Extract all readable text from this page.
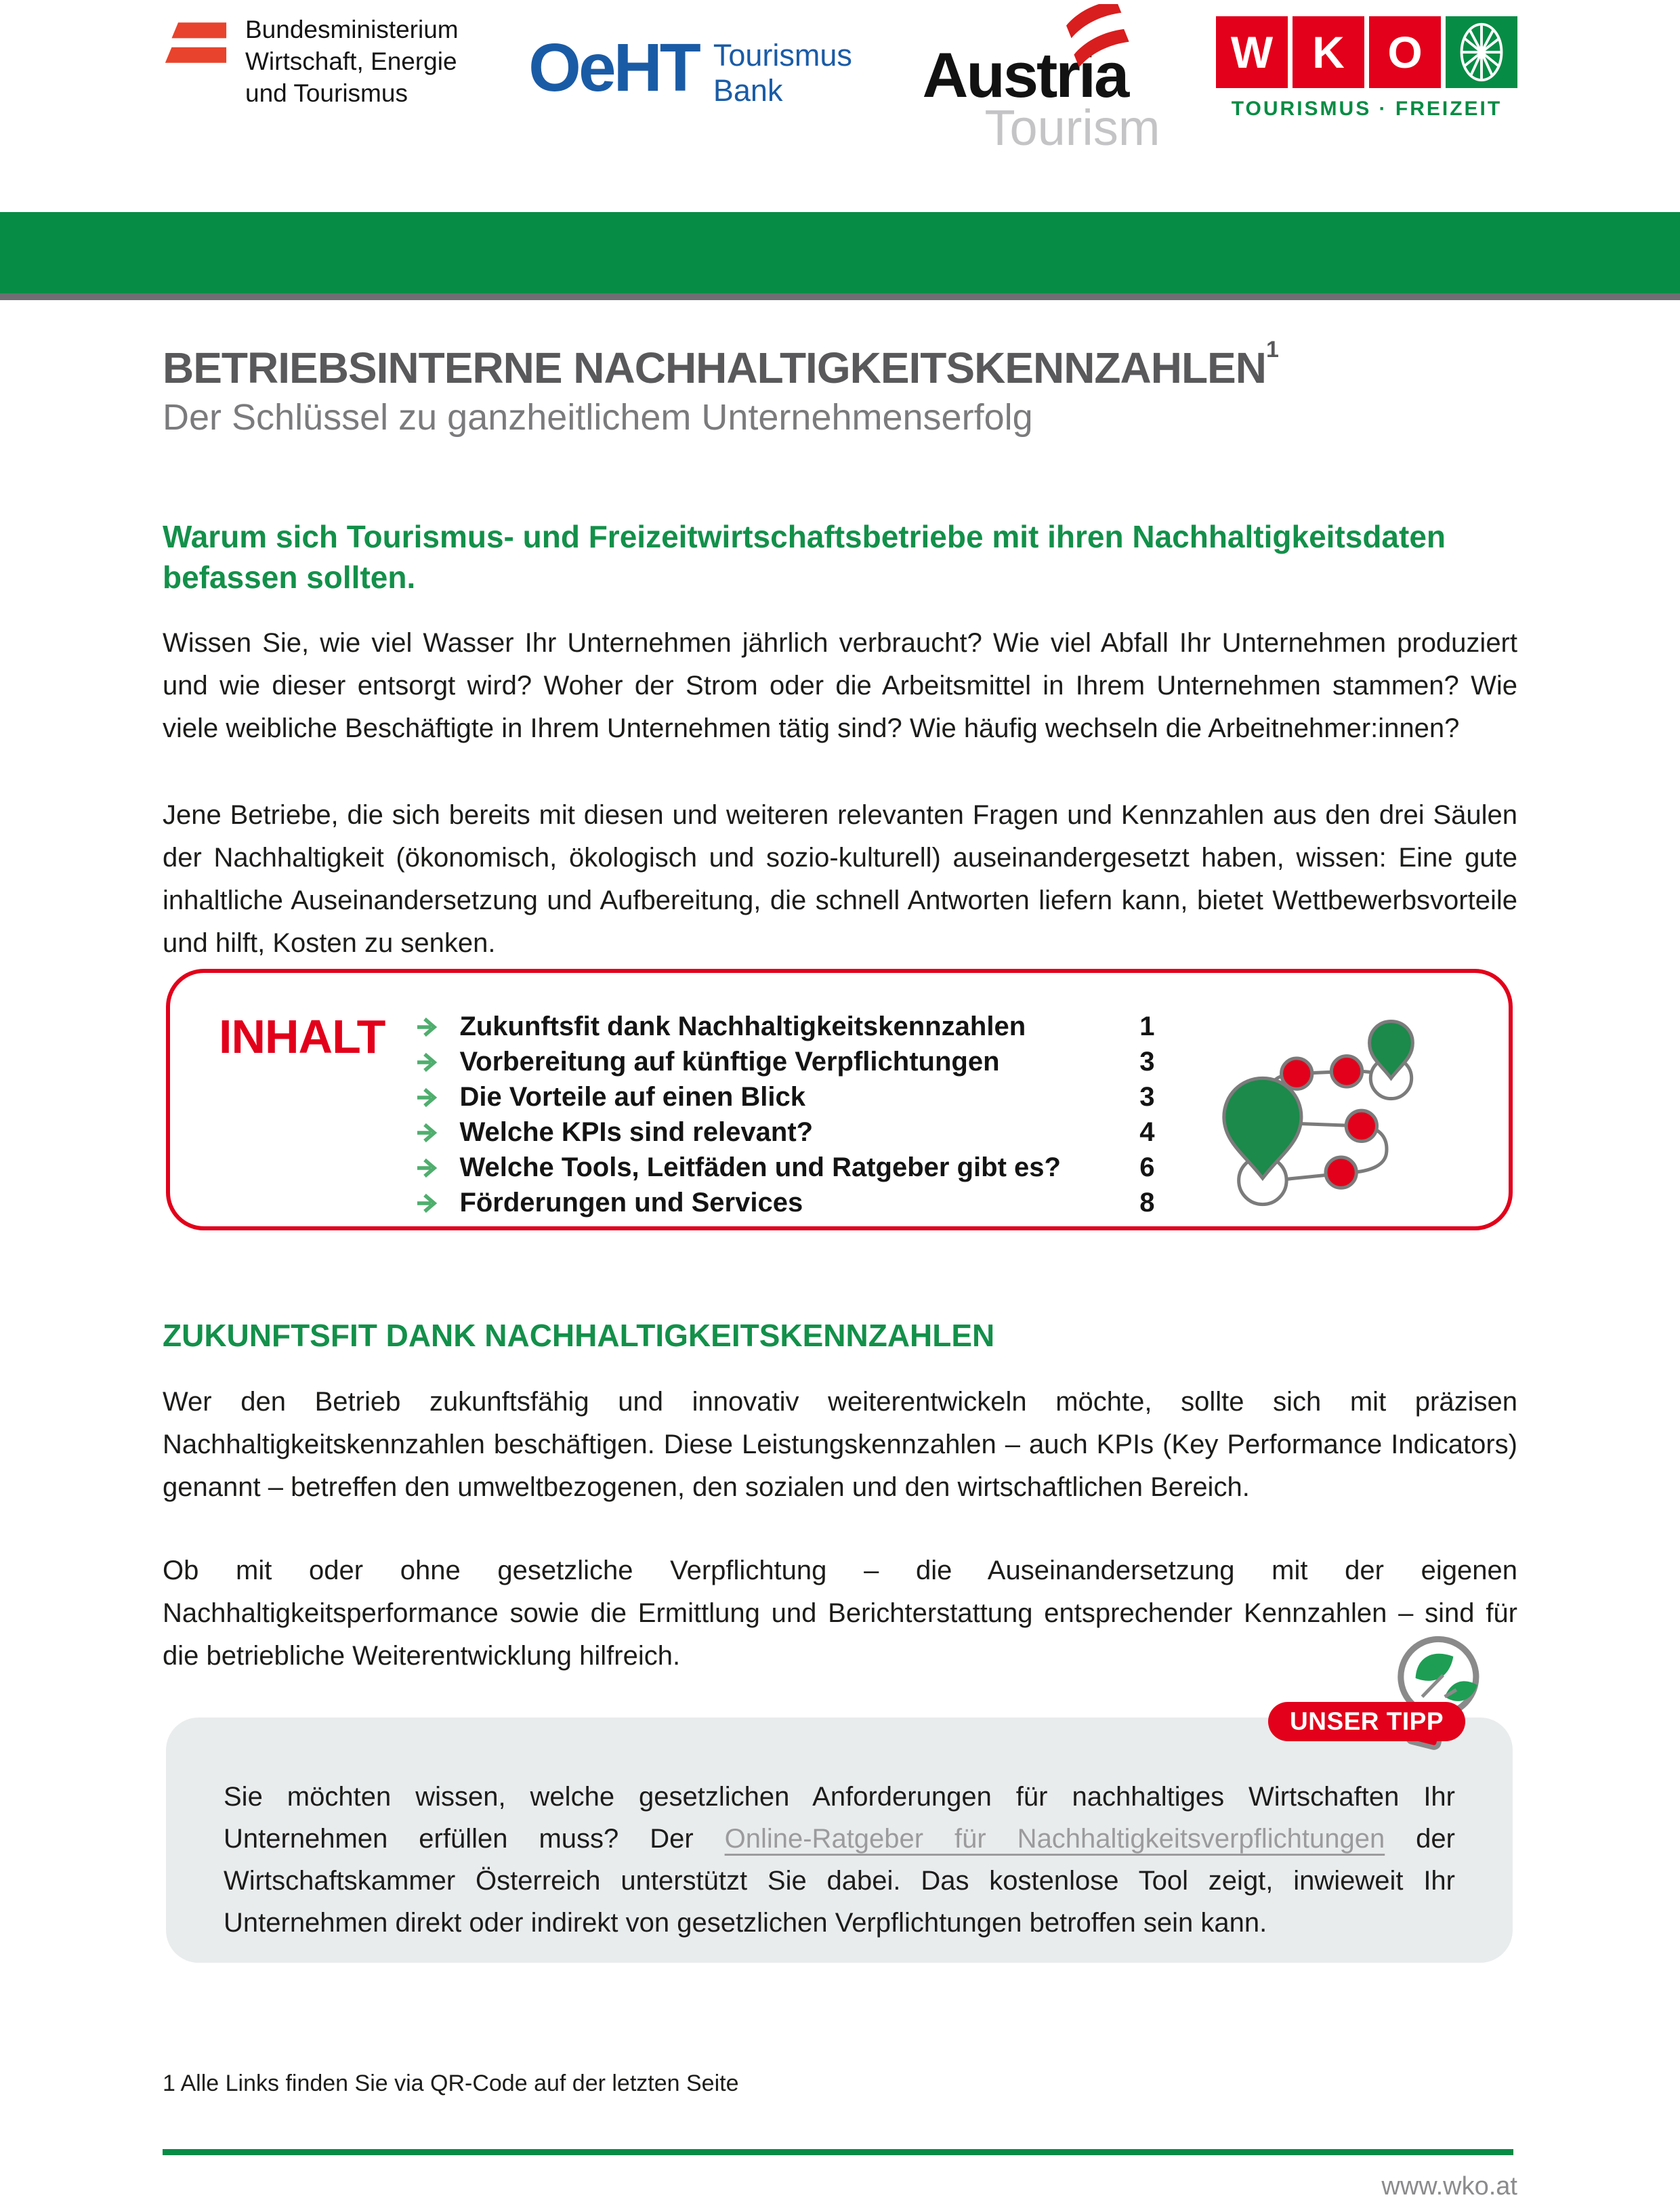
Bundesministerium
Wirtschaft, Energie
und Tourismus	OeHT Tourismus
Bank	Austria
Tourism
W K O
TOURISMUS · FREIZEIT
BETRIEBSINTERNE NACHHALTIGKEITSKENNZAHLEN$^1$
Der Schlüssel zu ganzheitlichem Unternehmenserfolg
Warum sich Tourismus- und Freizeitwirtschaftsbetriebe mit ihren Nachhaltigkeitsdaten befassen sollten.

Wissen Sie, wie viel Wasser Ihr Unternehmen jährlich verbraucht? Wie viel Abfall Ihr Unternehmen produziert und wie dieser entsorgt wird? Woher der Strom oder die Arbeitsmittel in Ihrem Unternehmen stammen? Wie viele weibliche Beschäftigte in Ihrem Unternehmen tätig sind? Wie häufig wechseln die Arbeitnehmer:innen?

Jene Betriebe, die sich bereits mit diesen und weiteren relevanten Fragen und Kennzahlen aus den drei Säulen der Nachhaltigkeit (ökonomisch, ökologisch und sozio-kulturell) auseinandergesetzt haben, wissen: Eine gute inhaltliche Auseinandersetzung und Aufbereitung, die schnell Antworten liefern kann, bietet Wettbewerbsvorteile und hilft, Kosten zu senken.

INHALT	Zukunftsfit dank Nachhaltigkeitskennzahlen	1
Vorbereitung auf künftige Verpflichtungen	3
Die Vorteile auf einen Blick	3
Welche KPIs sind relevant?	4
Welche Tools, Leitfäden und Ratgeber gibt es?	6
Förderungen und Services	8
ZUKUNFTSFIT DANK NACHHALTIGKEITSKENNZAHLEN

Wer den Betrieb zukunftsfähig und innovativ weiterentwickeln möchte, sollte sich mit präzisen Nachhaltigkeitskennzahlen beschäftigen. Diese Leistungskennzahlen – auch KPIs (Key Performance Indicators) genannt – betreffen den umweltbezogenen, den sozialen und den wirtschaftlichen Bereich.

Ob mit oder ohne gesetzliche Verpflichtung – die Auseinandersetzung mit der eigenen Nachhaltigkeitsperformance sowie die Ermittlung und Berichterstattung entsprechender Kennzahlen – sind für die betriebliche Weiterentwicklung hilfreich.

UNSER TIPP

Sie möchten wissen, welche gesetzlichen Anforderungen für nachhaltiges Wirtschaften Ihr Unternehmen erfüllen muss? Der Online-Ratgeber für Nachhaltigkeitsverpflichtungen der Wirtschaftskammer Österreich unterstützt Sie dabei. Das kostenlose Tool zeigt, inwieweit Ihr Unternehmen direkt oder indirekt von gesetzlichen Verpflichtungen betroffen sein kann.

1 Alle Links finden Sie via QR-Code auf der letzten Seite
www.wko.at
